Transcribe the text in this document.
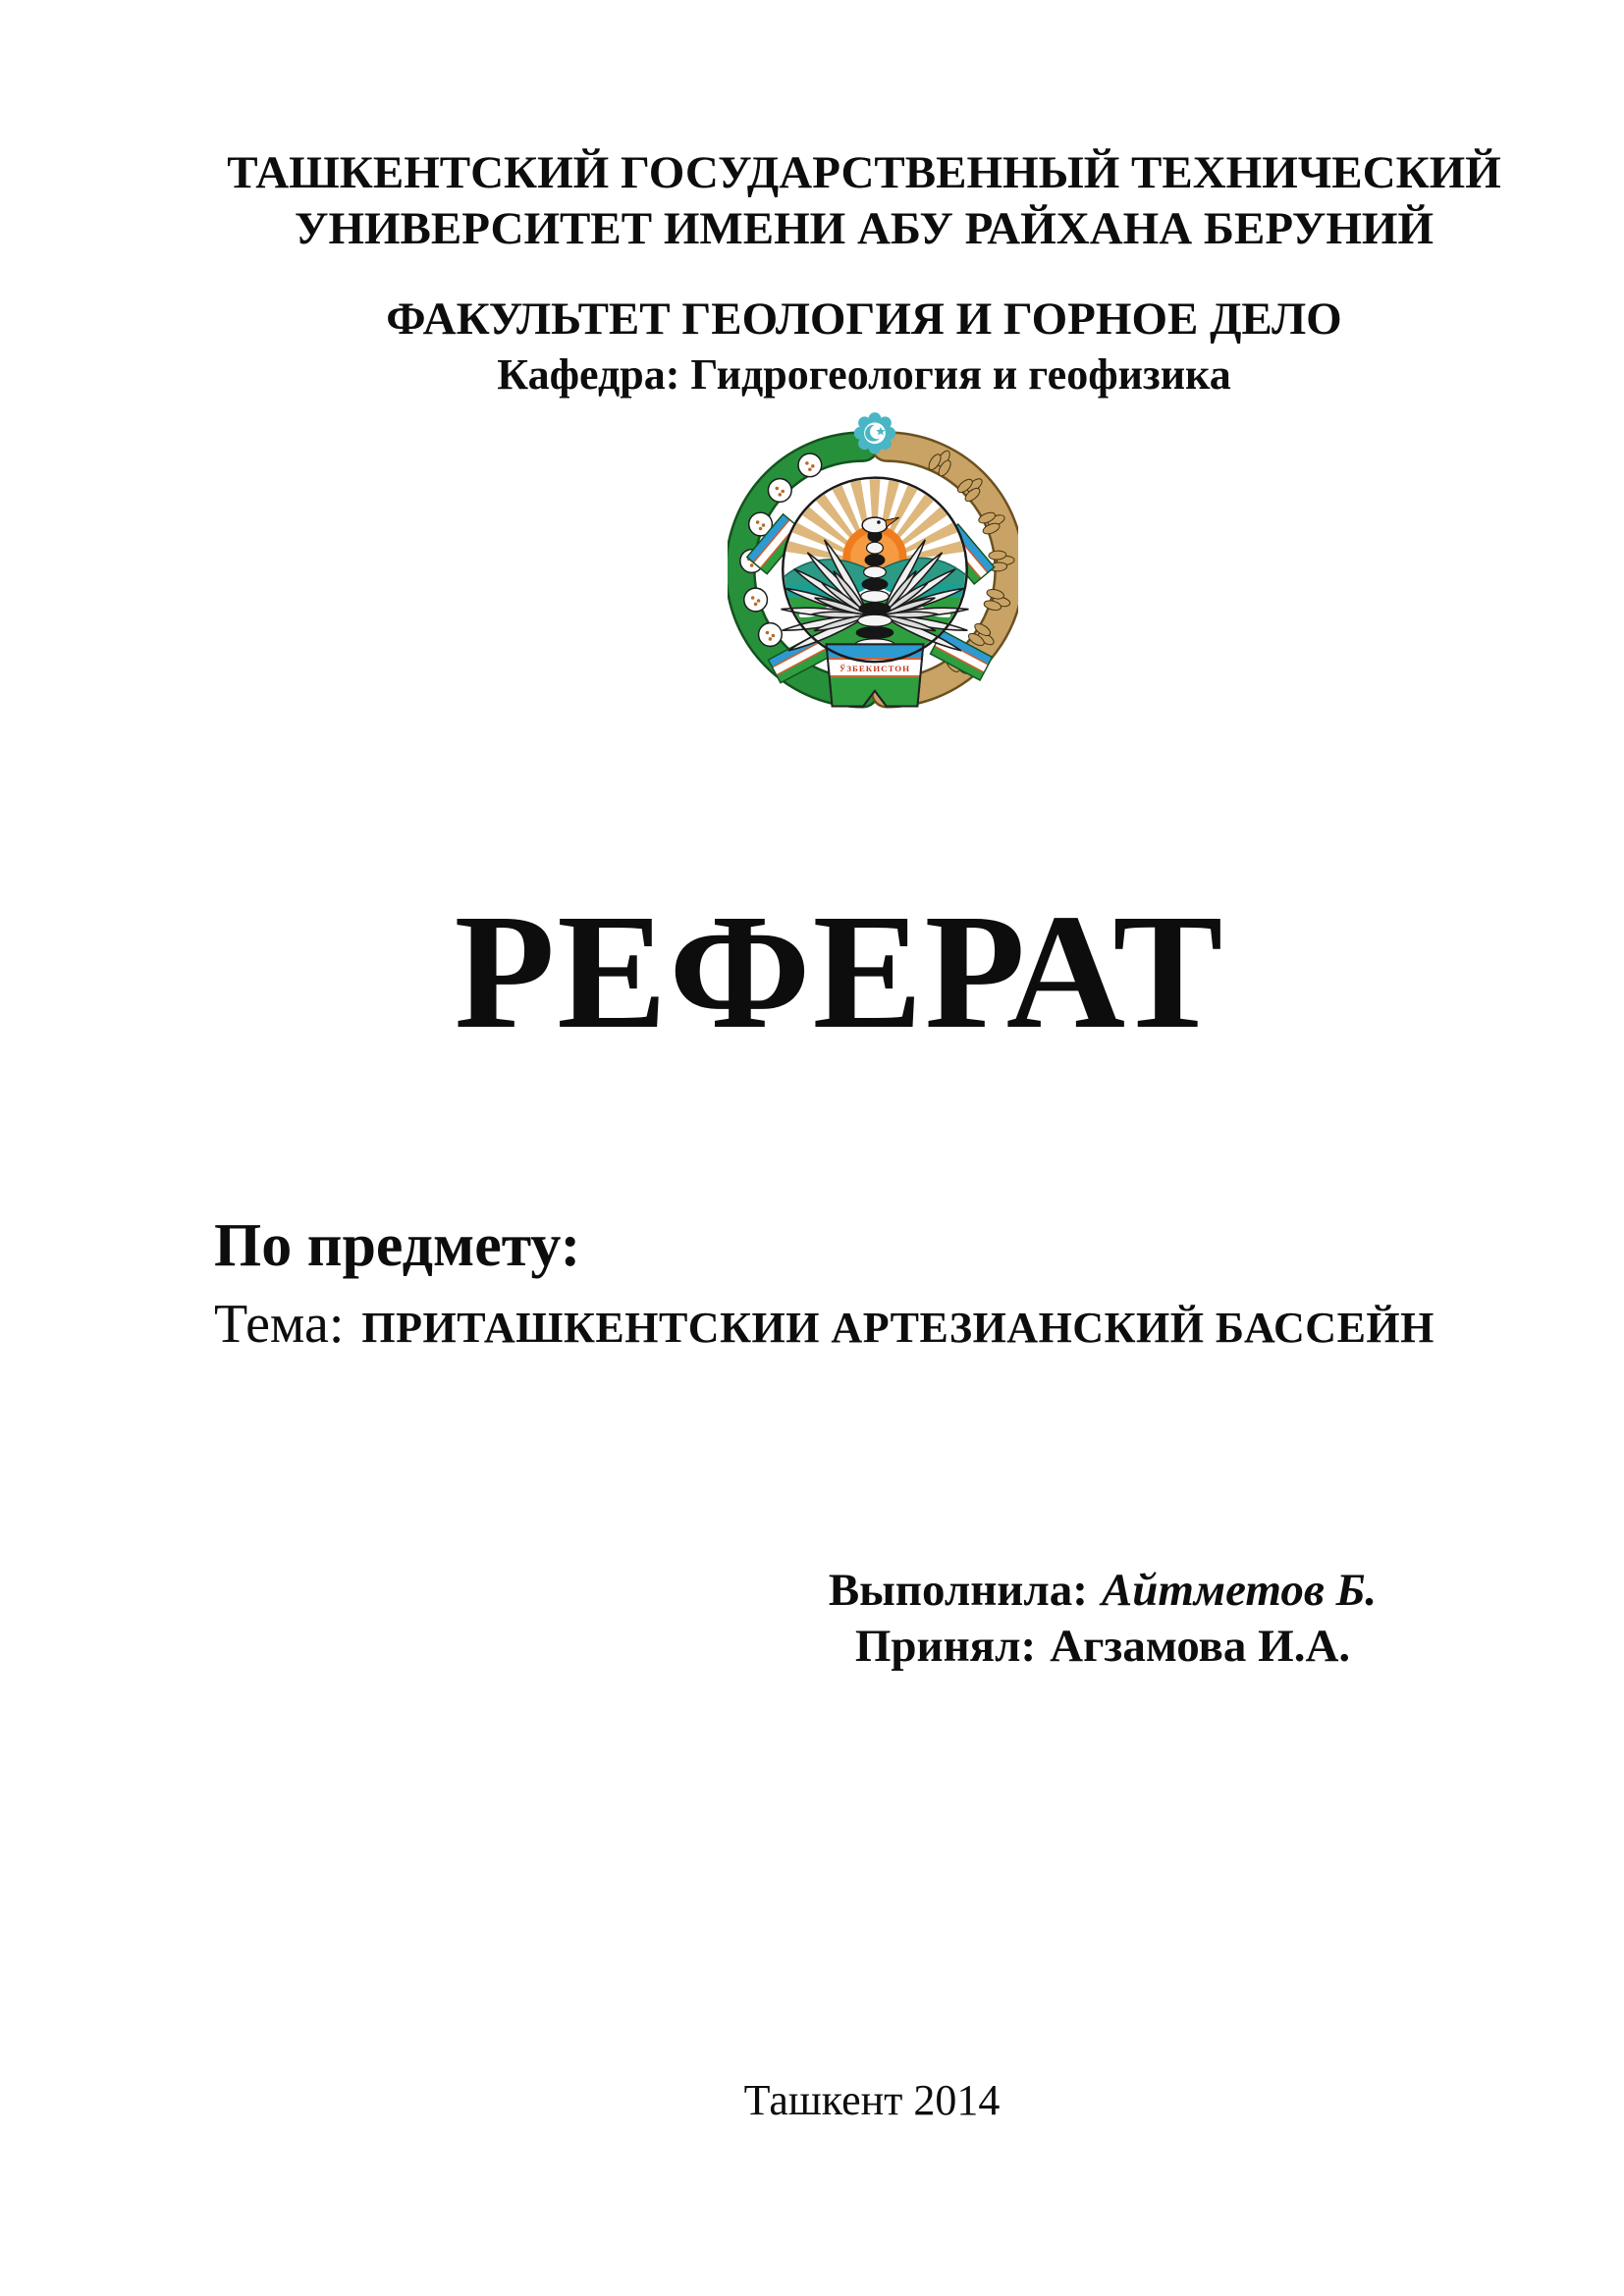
ТАШКЕНТСКИЙ ГОСУДАРСТВЕННЫЙ ТЕХНИЧЕСКИЙ
УНИВЕРСИТЕТ ИМЕНИ АБУ РАЙХАНА БЕРУНИЙ
ФАКУЛЬТЕТ ГЕОЛОГИЯ И ГОРНОЕ ДЕЛО
Кафедра: Гидрогеология и геофизика
ЎЗБЕКИСТОН
РЕФЕРАТ
По предмету:
Тема: ПРИТАШКЕНТСКИИ АРТЕЗИАНСКИЙ БАССЕЙН
Выполнила: Айтметов Б.
Принял: Агзамова И.А.
Ташкент 2014
